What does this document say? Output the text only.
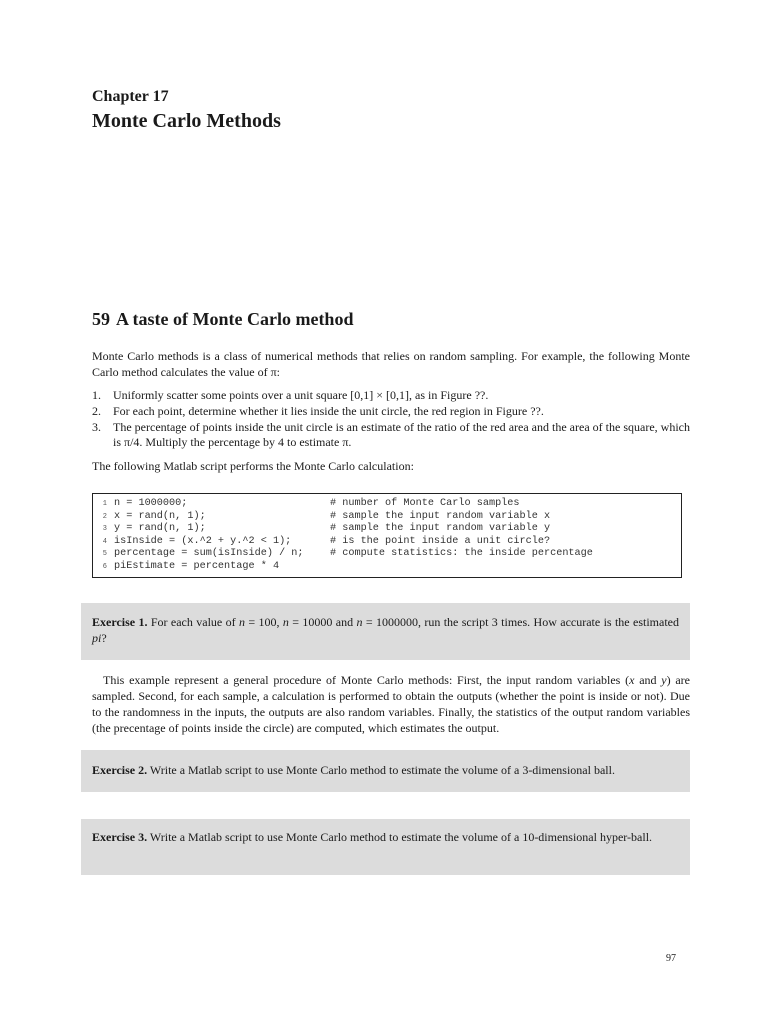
Chapter 17
Monte Carlo Methods
59 A taste of Monte Carlo method
Monte Carlo methods is a class of numerical methods that relies on random sampling. For example, the following Monte Carlo method calculates the value of π:
1. Uniformly scatter some points over a unit square [0,1] × [0,1], as in Figure ??.
2. For each point, determine whether it lies inside the unit circle, the red region in Figure ??.
3. The percentage of points inside the unit circle is an estimate of the ratio of the red area and the area of the square, which is π/4. Multiply the percentage by 4 to estimate π.
The following Matlab script performs the Monte Carlo calculation:
1 n = 1000000;	# number of Monte Carlo samples
2 x = rand(n, 1);	# sample the input random variable x
3 y = rand(n, 1);	# sample the input random variable y
4 isInside = (x.^2 + y.^2 < 1);	# is the point inside a unit circle?
5 percentage = sum(isInside) / n;	# compute statistics: the inside percentage
6 piEstimate = percentage * 4
Exercise 1. For each value of n = 100, n = 10000 and n = 1000000, run the script 3 times. How accurate is the estimated pi?
This example represent a general procedure of Monte Carlo methods: First, the input random variables (x and y) are sampled. Second, for each sample, a calculation is performed to obtain the outputs (whether the point is inside or not). Due to the randomness in the inputs, the outputs are also random variables. Finally, the statistics of the output random variables (the precentage of points inside the circle) are computed, which estimates the output.
Exercise 2. Write a Matlab script to use Monte Carlo method to estimate the volume of a 3-dimensional ball.
Exercise 3. Write a Matlab script to use Monte Carlo method to estimate the volume of a 10-dimensional hyper-ball.
97
